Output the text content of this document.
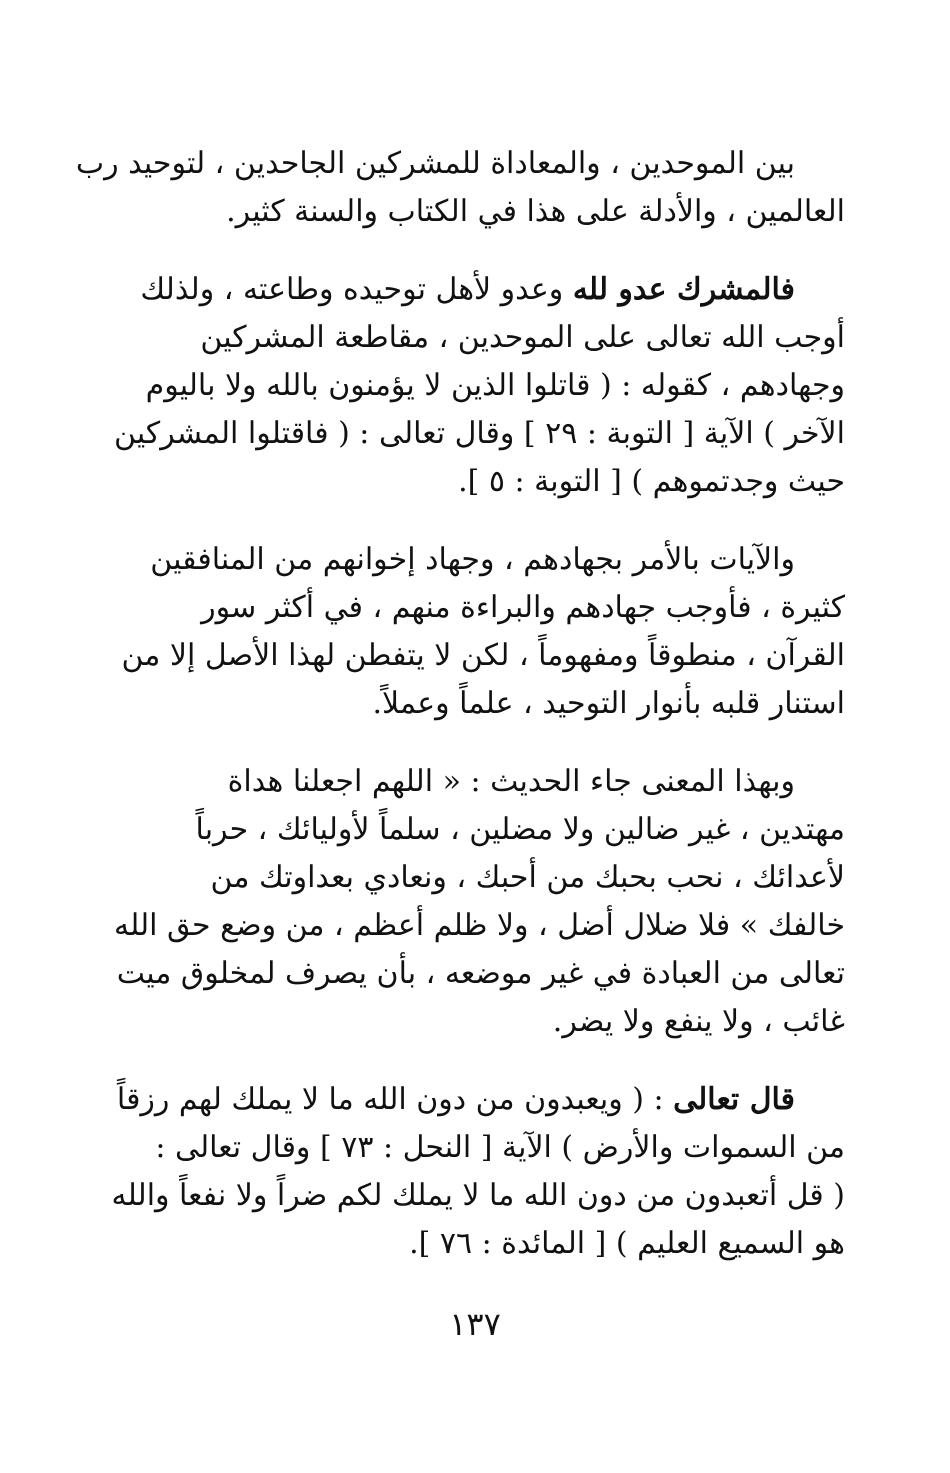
بين الموحدين ، والمعاداة للمشركين الجاحدين ، لتوحيد رب
العالمين ، والأدلة على هذا في الكتاب والسنة كثير.

فالمشرك عدو لله وعدو لأهل توحيده وطاعته ، ولذلك
أوجب الله تعالى على الموحدين ، مقاطعة المشركين
وجهادهم ، كقوله : ( قاتلوا الذين لا يؤمنون بالله ولا باليوم
الآخر ) الآية [ التوبة : ٢٩ ] وقال تعالى : ( فاقتلوا المشركين
حيث وجدتموهم ) [ التوبة : ٥ ].

والآيات بالأمر بجهادهم ، وجهاد إخوانهم من المنافقين
كثيرة ، فأوجب جهادهم والبراءة منهم ، في أكثر سور
القرآن ، منطوقاً ومفهوماً ، لكن لا يتفطن لهذا الأصل إلا من
استنار قلبه بأنوار التوحيد ، علماً وعملاً.

وبهذا المعنى جاء الحديث : « اللهم اجعلنا هداة
مهتدين ، غير ضالين ولا مضلين ، سلماً لأوليائك ، حرباً
لأعدائك ، نحب بحبك من أحبك ، ونعادي بعداوتك من
خالفك » فلا ضلال أضل ، ولا ظلم أعظم ، من وضع حق الله
تعالى من العبادة في غير موضعه ، بأن يصرف لمخلوق ميت
غائب ، ولا ينفع ولا يضر.

قال تعالى : ( ويعبدون من دون الله ما لا يملك لهم رزقاً
من السموات والأرض ) الآية [ النحل : ٧٣ ] وقال تعالى :
( قل أتعبدون من دون الله ما لا يملك لكم ضراً ولا نفعاً والله
هو السميع العليم ) [ المائدة : ٧٦ ].

١٣٧
